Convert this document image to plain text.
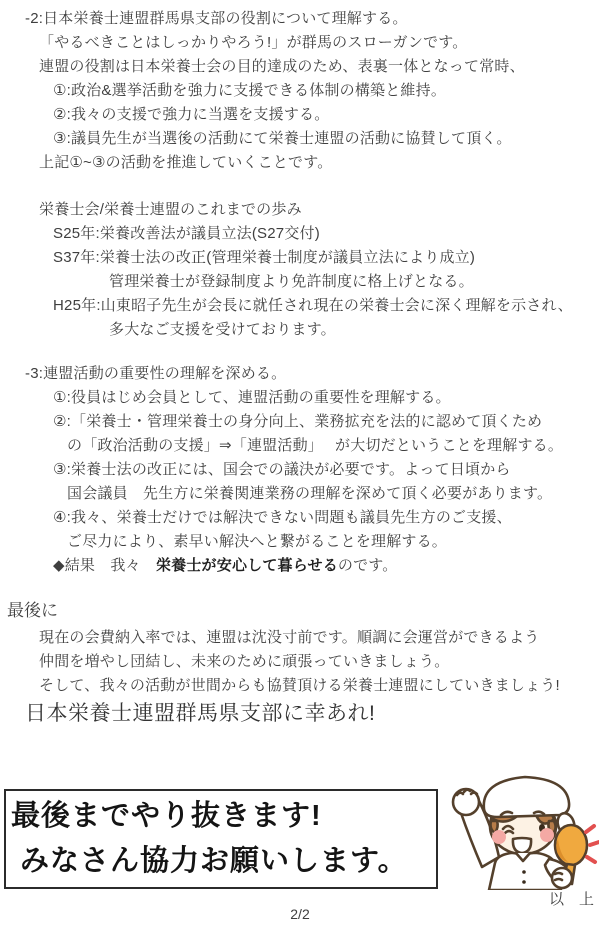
-2:日本栄養士連盟群馬県支部の役割について理解する。
「やるべきことはしっかりやろう!」が群馬のスローガンです。
連盟の役割は日本栄養士会の目的達成のため、表裏一体となって常時、
①:政治&選挙活動を強力に支援できる体制の構築と維持。
②:我々の支援で強力に当選を支援する。
③:議員先生が当選後の活動にて栄養士連盟の活動に協賛して頂く。
上記①~③の活動を推進していくことです。
栄養士会/栄養士連盟のこれまでの歩み
S25年:栄養改善法が議員立法(S27交付)
S37年:栄養士法の改正(管理栄養士制度が議員立法により成立)
管理栄養士が登録制度より免許制度に格上げとなる。
H25年:山東昭子先生が会長に就任され現在の栄養士会に深く理解を示され、
多大なご支援を受けております。
-3:連盟活動の重要性の理解を深める。
①:役員はじめ会員として、連盟活動の重要性を理解する。
②:「栄養士・管理栄養士の身分向上、業務拡充を法的に認めて頂くため
の「政治活動の支援」⇒「連盟活動」　 が大切だということを理解する。
③:栄養士法の改正には、国会での議決が必要です。よって日頃から
国会議員　先生方に栄養関連業務の理解を深めて頂く必要があります。
④:我々、栄養士だけでは解決できない問題も議員先生方のご支援、
ご尽力により、素早い解決へと繋がることを理解する。
◆結果　我々　栄養士が安心して暮らせるのです。
最後に
現在の会費納入率では、連盟は沈没寸前です。順調に会運営ができるよう
仲間を増やし団結し、未来のために頑張っていきましょう。
そして、我々の活動が世間からも協賛頂ける栄養士連盟にしていきましょう!
日本栄養士連盟群馬県支部に幸あれ!
最後までやり抜きます!
みなさん協力お願いします。
以　上
2/2
